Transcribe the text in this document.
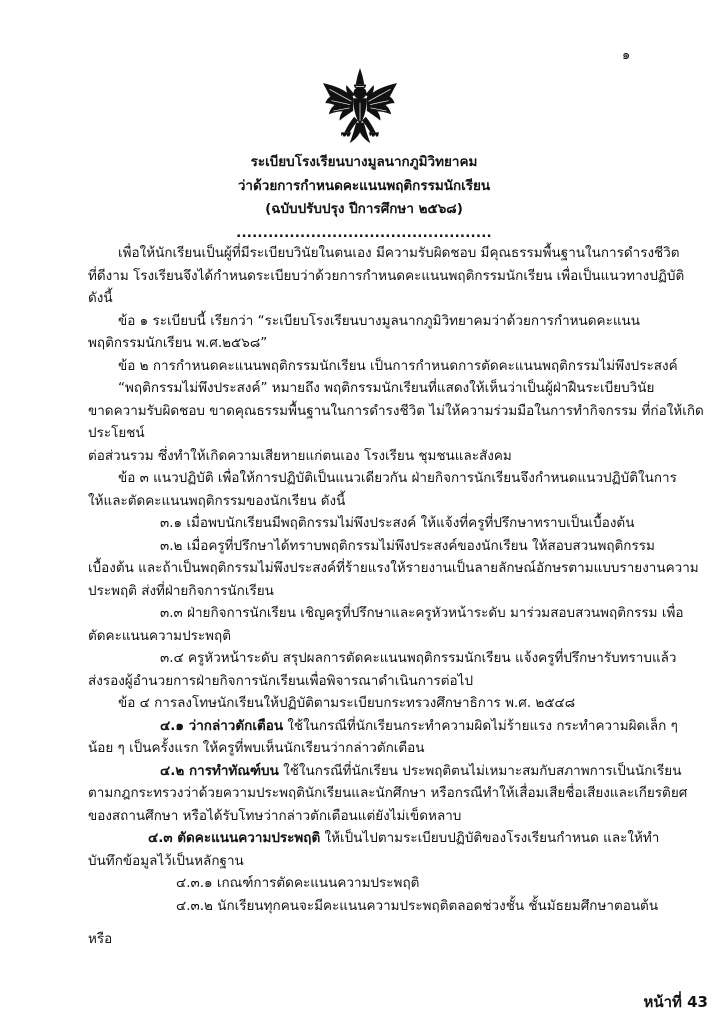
๑
ระเบียบโรงเรียนบางมูลนากภูมิวิทยาคม
ว่าด้วยการกำหนดคะแนนพฤติกรรมนักเรียน
(ฉบับปรับปรุง ปีการศึกษา ๒๕๖๘)
................................................
เพื่อให้นักเรียนเป็นผู้ที่มีระเบียบวินัยในตนเอง มีความรับผิดชอบ มีคุณธรรมพื้นฐานในการดำรงชีวิต
ที่ดีงาม โรงเรียนจึงได้กำหนดระเบียบว่าด้วยการกำหนดคะแนนพฤติกรรมนักเรียน เพื่อเป็นแนวทางปฏิบัติ
ดังนี้
ข้อ ๑ ระเบียบนี้ เรียกว่า “ระเบียบโรงเรียนบางมูลนากภูมิวิทยาคมว่าด้วยการกำหนดคะแนน
พฤติกรรมนักเรียน พ.ศ.๒๕๖๘”
ข้อ ๒ การกำหนดคะแนนพฤติกรรมนักเรียน เป็นการกำหนดการตัดคะแนนพฤติกรรมไม่พึงประสงค์
“พฤติกรรมไม่พึงประสงค์” หมายถึง พฤติกรรมนักเรียนที่แสดงให้เห็นว่าเป็นผู้ฝ่าฝืนระเบียบวินัย
ขาดความรับผิดชอบ ขาดคุณธรรมพื้นฐานในการดำรงชีวิต ไม่ให้ความร่วมมือในการทำกิจกรรม ที่ก่อให้เกิด
ประโยชน์
ต่อส่วนรวม ซึ่งทำให้เกิดความเสียหายแก่ตนเอง โรงเรียน ชุมชนและสังคม
ข้อ ๓ แนวปฏิบัติ เพื่อให้การปฏิบัติเป็นแนวเดียวกัน ฝ่ายกิจการนักเรียนจึงกำหนดแนวปฏิบัติในการ
ให้และตัดคะแนนพฤติกรรมของนักเรียน ดังนี้
๓.๑ เมื่อพบนักเรียนมีพฤติกรรมไม่พึงประสงค์ ให้แจ้งที่ครูที่ปรึกษาทราบเป็นเบื้องต้น
๓.๒ เมื่อครูที่ปรึกษาได้ทราบพฤติกรรมไม่พึงประสงค์ของนักเรียน ให้สอบสวนพฤติกรรม
เบื้องต้น และถ้าเป็นพฤติกรรมไม่พึงประสงค์ที่ร้ายแรงให้รายงานเป็นลายลักษณ์อักษรตามแบบรายงานความ
ประพฤติ ส่งที่ฝ่ายกิจการนักเรียน
๓.๓ ฝ่ายกิจการนักเรียน เชิญครูที่ปรึกษาและครูหัวหน้าระดับ มาร่วมสอบสวนพฤติกรรม เพื่อ
ตัดคะแนนความประพฤติ
๓.๔ ครูหัวหน้าระดับ สรุปผลการตัดคะแนนพฤติกรรมนักเรียน แจ้งครูที่ปรึกษารับทราบแล้ว
ส่งรองผู้อำนวยการฝ่ายกิจการนักเรียนเพื่อพิจารณาดำเนินการต่อไป
ข้อ ๔ การลงโทษนักเรียนให้ปฏิบัติตามระเบียบกระทรวงศึกษาธิการ พ.ศ. ๒๕๔๘
๔.๑ ว่ากล่าวตักเตือน ใช้ในกรณีที่นักเรียนกระทำความผิดไม่ร้ายแรง กระทำความผิดเล็ก ๆ
น้อย ๆ เป็นครั้งแรก ให้ครูที่พบเห็นนักเรียนว่ากล่าวตักเตือน
๔.๒ การทำทัณฑ์บน ใช้ในกรณีที่นักเรียน ประพฤติตนไม่เหมาะสมกับสภาพการเป็นนักเรียน
ตามกฎกระทรวงว่าด้วยความประพฤตินักเรียนและนักศึกษา หรือกรณีทำให้เสื่อมเสียชื่อเสียงและเกียรติยศ
ของสถานศึกษา หรือได้รับโทษว่ากล่าวตักเตือนแต่ยังไม่เข็ดหลาบ
๔.๓ ตัดคะแนนความประพฤติ ให้เป็นไปตามระเบียบปฏิบัติของโรงเรียนกำหนด และให้ทำ
บันทึกข้อมูลไว้เป็นหลักฐาน
๔.๓.๑ เกณฑ์การตัดคะแนนความประพฤติ
๔.๓.๒ นักเรียนทุกคนจะมีคะแนนความประพฤติตลอดช่วงชั้น ชั้นมัธยมศึกษาตอนต้น
หรือ
หน้าที่ 43
